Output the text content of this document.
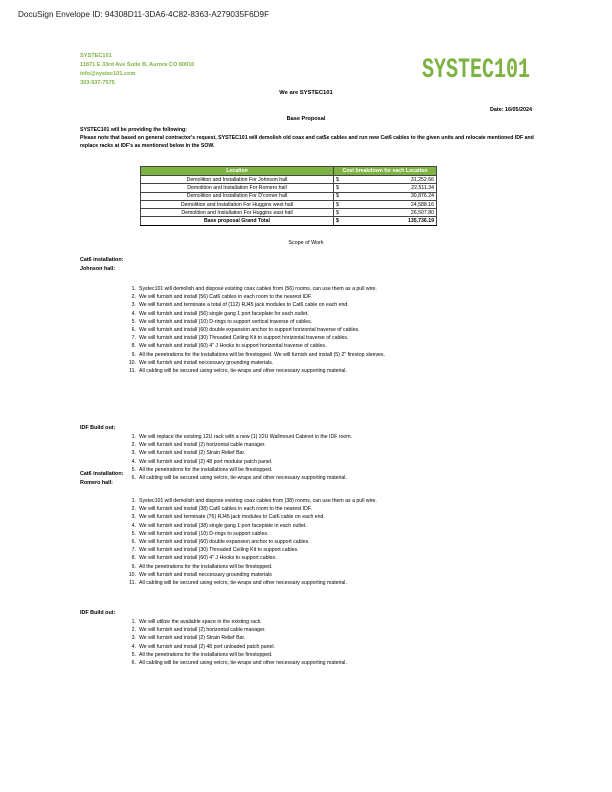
DocuSign Envelope ID: 94308D11-3DA6-4C82-8363-A279035F6D9F
SYSTEC101
11871 E 33rd Ave Suite B, Aurora CO 80010
info@systec101.com
303-537-7575	SYSTEC101
We are SYSTEC101
Date: 16/05/2024
Base Proposal
SYSTEC101 will be providing the following:
Please note that based on general contractor's request, SYSTEC101 will demolish old coax and cat5e cables and run new Cat6 cables to the given units and relocate mentioned IDF and replace racks at IDF's as mentioned below in the SOW.
Location	Cost breakdown for each Location	
Demolition and Installation For Johnson hall	$	31,252.66
Demolition and Installation For Romero hall	$	22,511.34
Demolition and Installation For D'corner hall	$	30,876.24
Demolition and Installation For Huggins west hall	$	24,588.16
Demolition and Installation For Huggins east hall	$	26,507.80
Base proposal Grand Total	$	135,736.19
Scope of Work
Cat6 installation:
Johnson hall:
1. Systec101 will demolish and dispose existing coax cables from (56) rooms, can use them as a pull wire.
2. We will furnish and install (56) Cat6 cables in each room to the nearest IDF.
3. We will furnish and terminate a total of (112) RJ45 jack modules to Cat6 cable on each end.
4. We will furnish and install (56) single gang 1 port faceplate for each outlet.
5. We will furnish and install (10) D-rings to support vertical traverse of cables.
6. We will furnish and install (60) double expansion anchor to support horizontal traverse of cables.
7. We will furnish and install (30) Threaded Ceiling Kit to support horizontal traverse of cables.
8. We will furnish and install (60) 4" J Hooks to support horizontal traverse of cables.
9. All the penetrations for the installations will be firestopped. We will furnish and install (5) 2" firestop sleeves.
10. We will furnish and install neccessary grounding materials.
11. All cabling will be secured using velcro, tie-wraps and other necessary supporting material.
IDF Build out:
1. We will replace the existing 12U rack with a new (1) 22U Wallmount Cabinet in the IDF room.
2. We will furnish and install (2) horizontal cable manager.
3. We will furnish and install (2) Strain Relief Bar.
4. We will furnish and install (2) 48 port modular patch panel.
5. All the penetrations for the installations will be firestopped.
6. All cabling will be secured using velcro, tie-wraps and other necessary supporting material.
Cat6 installation:
Romero hall:
1. Systec101 will demolish and dispose existing coax cables from (38) rooms, can use them as a pull wire.
2. We will furnish and install (38) Cat6 cables in each room to the nearest IDF.
3. We will furnish and terminate (76) RJ45 jack modules to Cat6 cable on each end.
4. We will furnish and install (38) single gang 1 port faceplate in each outlet.
5. We will furnish and install (10) D-rings to support cables.
6. We will furnish and install (60) double expansion anchor to support cables.
7. We will furnish and install (30) Threaded Ceiling Kit to support cables.
8. We will furnish and install (60) 4" J Hooks to support cables.
9. All the penetrations for the installations will be firestopped.
10. We will furnish and install neccessary grounding materials
11. All cabling will be secured using velcro, tie-wraps and other necessary supporting material.
IDF Build out:
1. We will utilize the available space in the existing rack.
2. We will furnish and install (2) horizontal cable manager.
3. We will furnish and install (2) Strain Relief Bar.
4. We will furnish and install (2) 48 port unloaded patch panel.
5. All the penetrations for the installations will be firestopped.
6. All cabling will be secured using velcro, tie-wraps and other necessary supporting material.
